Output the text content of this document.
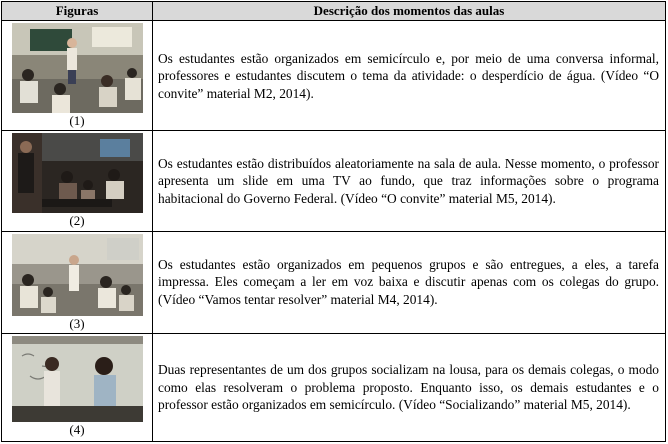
Figuras	Descrição dos momentos das aulas

(1)	Os estudantes estão organizados em semicírculo e, por meio de uma conversa informal, professores e estudantes discutem o tema da atividade: o desperdício de água. (Vídeo “O convite” material M2, 2014).

(2)	Os estudantes estão distribuídos aleatoriamente na sala de aula. Nesse momento, o professor apresenta um slide em uma TV ao fundo, que traz informações sobre o programa habitacional do Governo Federal. (Vídeo “O convite” material M5, 2014).

(3)	Os estudantes estão organizados em pequenos grupos e são entregues, a eles, a tarefa impressa. Eles começam a ler em voz baixa e discutir apenas com os colegas do grupo. (Vídeo “Vamos tentar resolver” material M4, 2014).

(4)	Duas representantes de um dos grupos socializam na lousa, para os demais colegas, o modo como elas resolveram o problema proposto. Enquanto isso, os demais estudantes e o professor estão organizados em semicírculo. (Vídeo “Socializando” material M5, 2014).
